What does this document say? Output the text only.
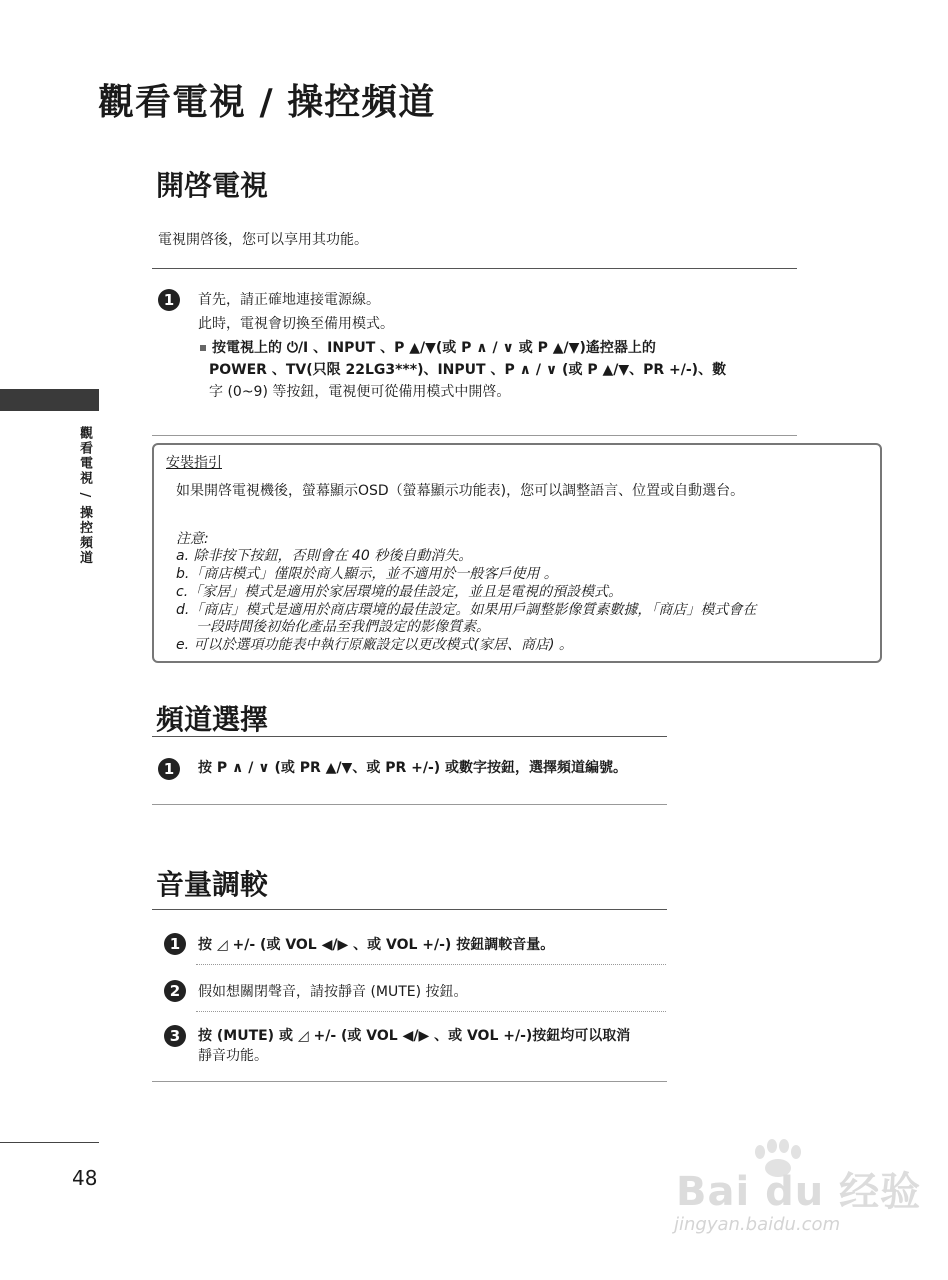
觀看電視 / 操控頻道
觀看電視 / 操控頻道
開啓電視
電視開啓後，您可以享用其功能。
1	首先，請正確地連接電源線。
此時，電視會切換至備用模式。
按電視上的 ⏻/I 、INPUT 、P ▲/▼(或 P ∧ / ∨ 或 P ▲/▼)遙控器上的
POWER 、TV(只限 22LG3***)、INPUT 、P ∧ / ∨ (或 P ▲/▼、PR +/-)、數
字 (0~9) 等按鈕，電視便可從備用模式中開啓。
安裝指引
如果開啓電視機後，螢幕顯示OSD（螢幕顯示功能表)，您可以調整語言、位置或自動選台。
注意:
a. 除非按下按鈕，否則會在 40 秒後自動消失。
b.「商店模式」僅限於商人顯示，並不適用於一般客戶使用 。
c.「家居」模式是適用於家居環境的最佳設定，並且是電視的預設模式。
d.「商店」模式是適用於商店環境的最佳設定。如果用戶調整影像質素數據，「商店」模式會在
一段時間後初始化產品至我們設定的影像質素。
e. 可以於選項功能表中執行原廠設定以更改模式(家居、商店) 。
頻道選擇
1	按 P ∧ / ∨ (或 PR ▲/▼、或 PR +/-) 或數字按鈕，選擇頻道編號。
音量調較
1	按 ◿ +/- (或 VOL ◀/▶ 、或 VOL +/-) 按鈕調較音量。
2	假如想關閉聲音，請按靜音 (MUTE) 按鈕。
3	按 (MUTE) 或 ◿ +/- (或 VOL ◀/▶ 、或 VOL +/-)按鈕均可以取消
靜音功能。
48	Bai du 经验
jingyan.baidu.com
